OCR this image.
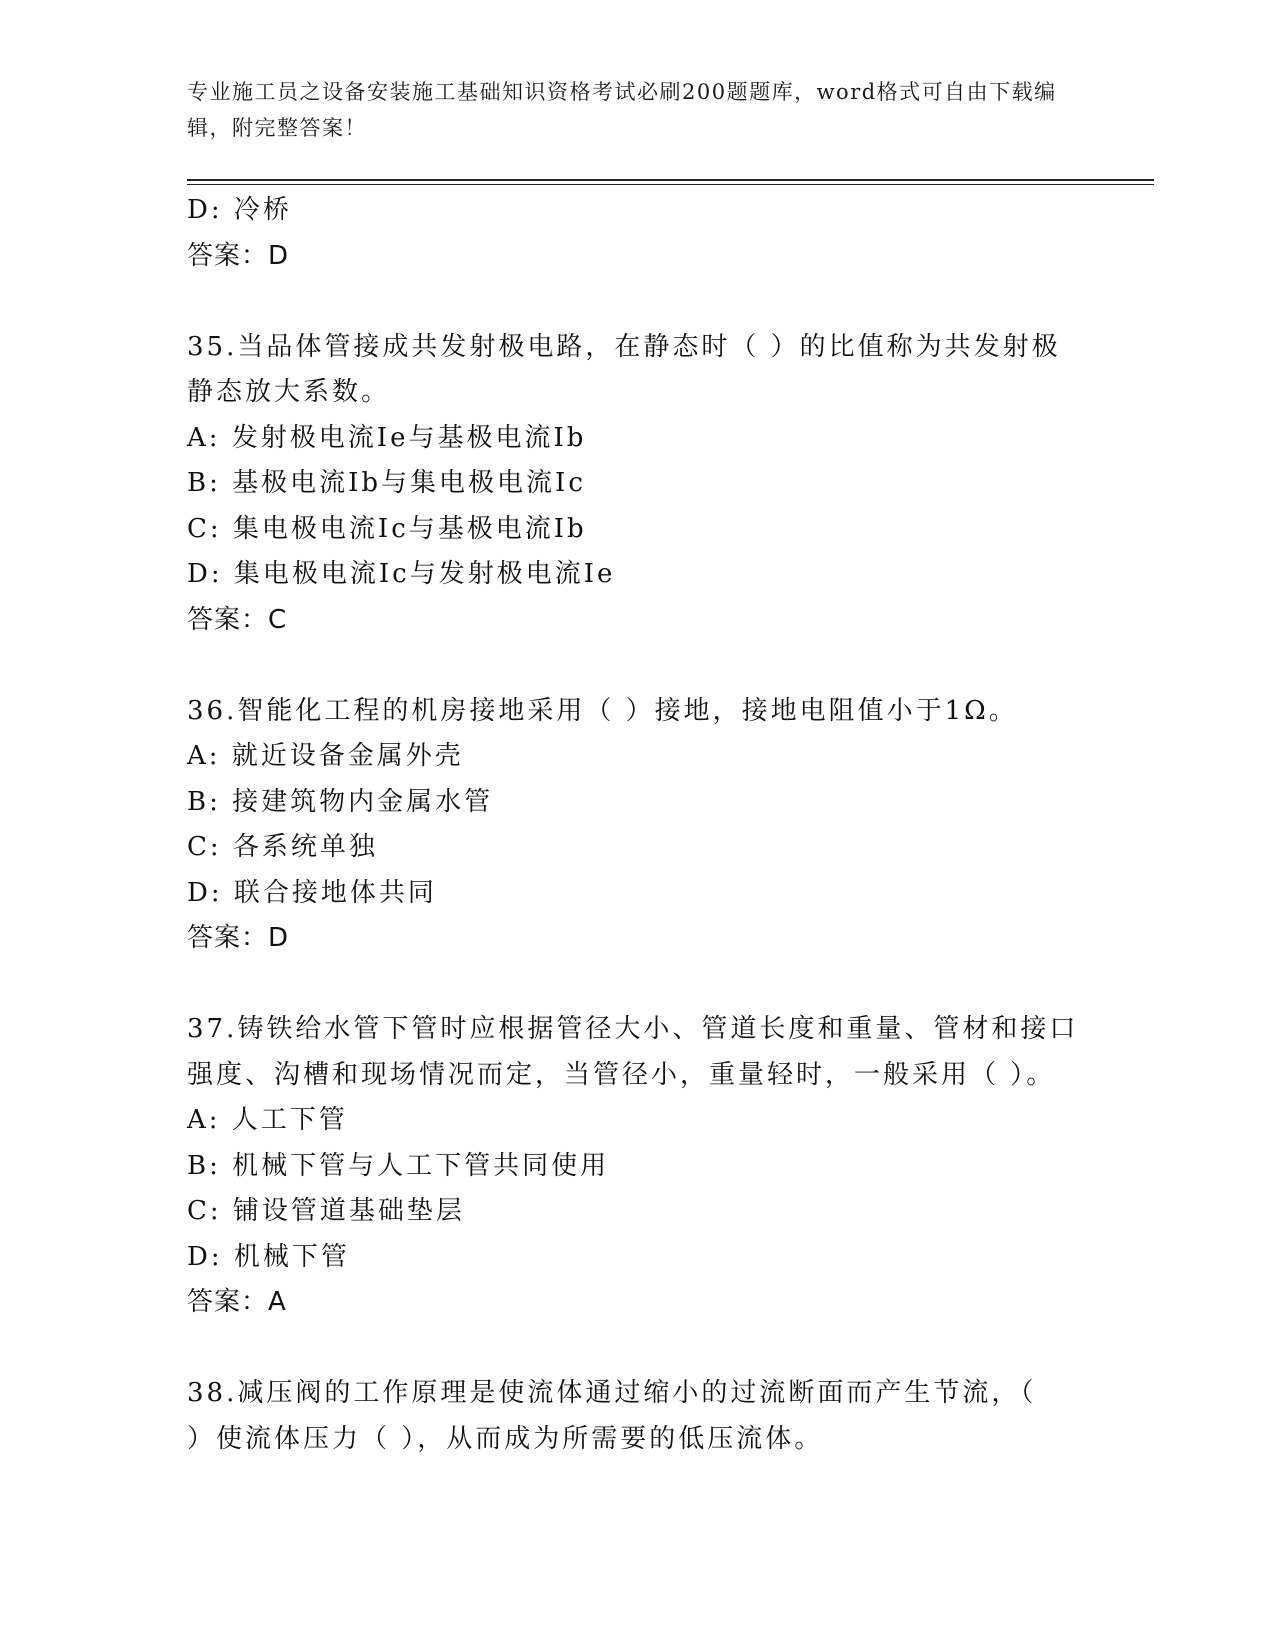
专业施工员之设备安装施工基础知识资格考试必刷200题题库，word格式可自由下载编辑，附完整答案！
D: 冷桥
答案：D
35.当品体管接成共发射极电路，在静态时（ ）的比值称为共发射极
静态放大系数。
A: 发射极电流Ie与基极电流Ib
B: 基极电流Ib与集电极电流Ic
C: 集电极电流Ic与基极电流Ib
D: 集电极电流Ic与发射极电流Ie
答案：C
36.智能化工程的机房接地采用（ ）接地，接地电阻值小于1Ω。
A: 就近设备金属外壳
B: 接建筑物内金属水管
C: 各系统单独
D: 联合接地体共同
答案：D
37.铸铁给水管下管时应根据管径大小、管道长度和重量、管材和接口
强度、沟槽和现场情况而定，当管径小，重量轻时，一般采用（ ）。
A: 人工下管
B: 机械下管与人工下管共同使用
C: 铺设管道基础垫层
D: 机械下管
答案：A
38.减压阀的工作原理是使流体通过缩小的过流断面而产生节流，（
）使流体压力（ ），从而成为所需要的低压流体。
